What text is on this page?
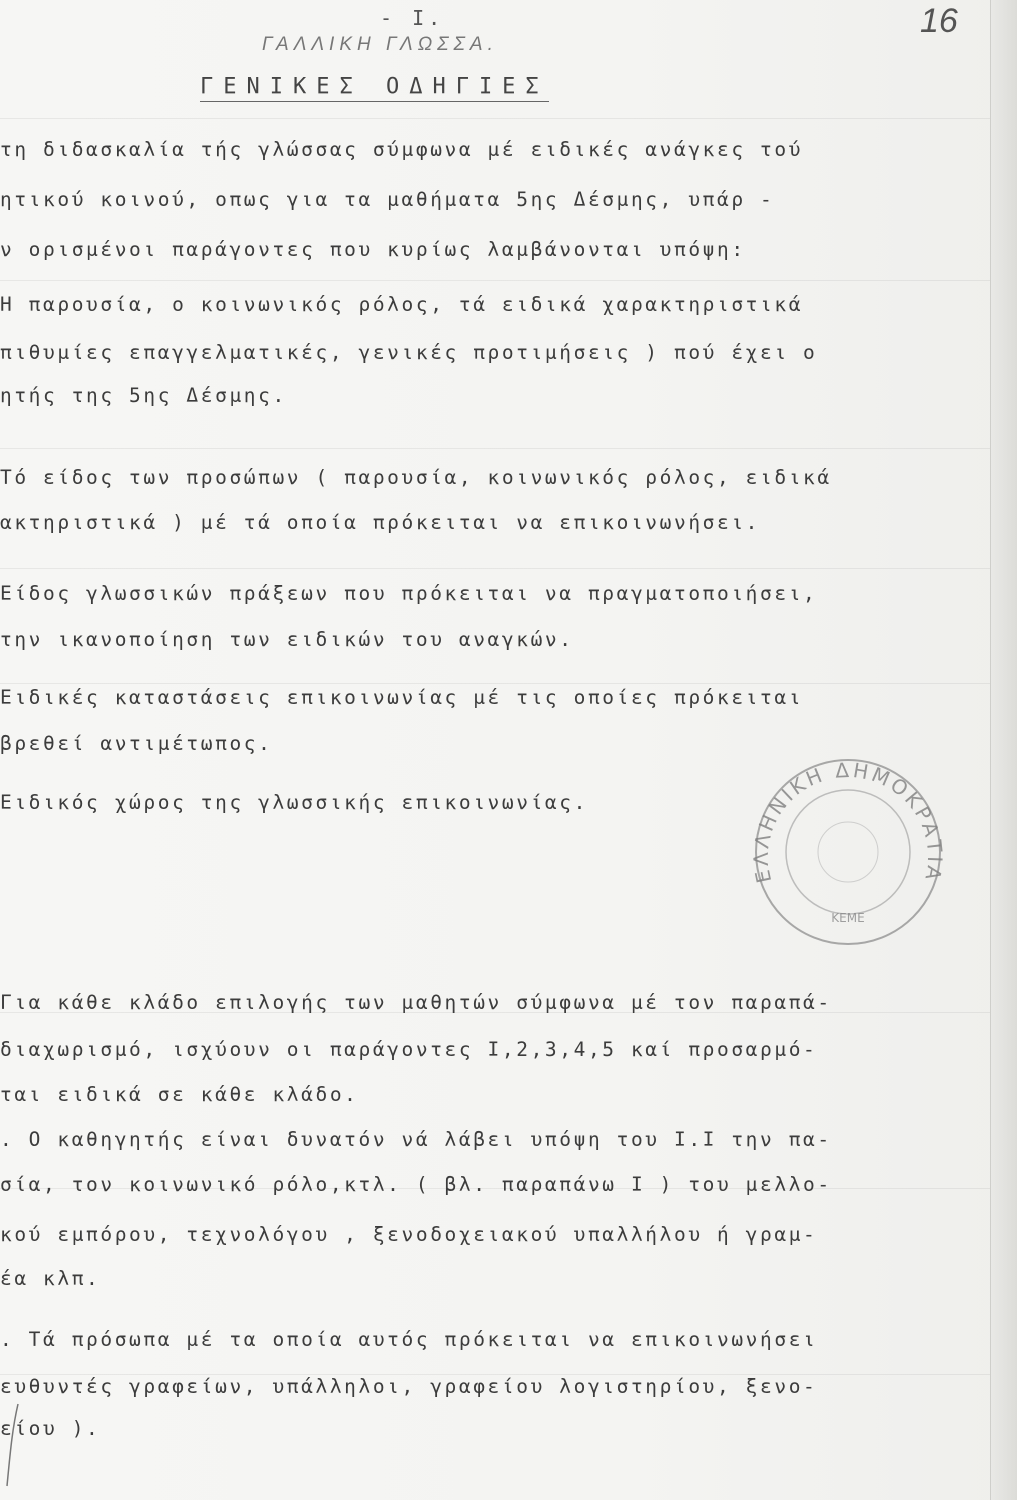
- I.
ΓΑΛΛΙΚΗ ΓΛΩΣΣΑ.
16
ΓΕΝΙΚΕΣ ΟΔΗΓΙΕΣ
τη διδασκαλία τής γλώσσας σύμφωνα μέ ειδικές ανάγκες τού
ητικού κοινού, οπως για τα μαθήματα 5ης Δέσμης, υπάρ -
ν ορισμένοι παράγοντες που κυρίως λαμβάνονται υπόψη:
Η παρουσία, ο κοινωνικός ρόλος, τά ειδικά χαρακτηριστικά
πιθυμίες επαγγελματικές, γενικές προτιμήσεις ) πού έχει ο
ητής της 5ης Δέσμης.
Τό είδος των προσώπων ( παρουσία, κοινωνικός ρόλος, ειδικά
ακτηριστικά ) μέ τά οποία πρόκειται να επικοινωνήσει.
Είδος γλωσσικών πράξεων που πρόκειται να πραγματοποιήσει,
την ικανοποίηση των ειδικών του αναγκών.
Ειδικές καταστάσεις επικοινωνίας μέ τις οποίες πρόκειται
βρεθεί αντιμέτωπος.
Ειδικός χώρος της γλωσσικής επικοινωνίας.
Για κάθε κλάδο επιλογής των μαθητών σύμφωνα μέ τον παραπά-
διαχωρισμό, ισχύουν οι παράγοντες Ι,2,3,4,5 καί προσαρμό-
ται ειδικά σε κάθε κλάδο.
. Ο καθηγητής είναι δυνατόν νά λάβει υπόψη του Ι.Ι την πα-
σία, τον κοινωνικό ρόλο,κτλ. ( βλ. παραπάνω Ι ) του μελλο-
κού εμπόρου, τεχνολόγου , ξενοδοχειακού υπαλλήλου ή γραμ-
έα κλπ.
. Τά πρόσωπα μέ τα οποία αυτός πρόκειται να επικοινωνήσει
ευθυντές γραφείων, υπάλληλοι, γραφείου λογιστηρίου, ξενο-
είου ).
ΕΛΛΗΝΙΚΗ ΔΗΜΟΚΡΑΤΙΑ
ΚΕΜΕ
